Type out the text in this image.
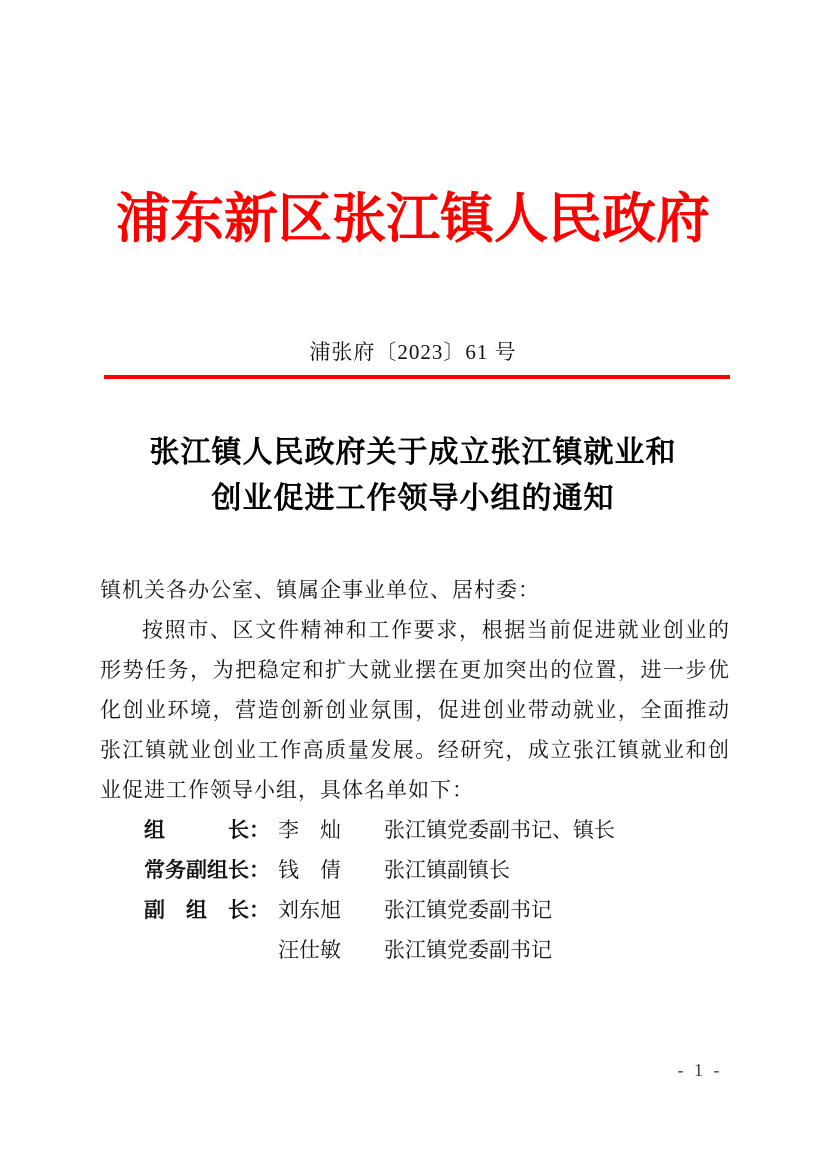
浦东新区张江镇人民政府
浦张府〔2023〕61 号
张江镇人民政府关于成立张江镇就业和
创业促进工作领导小组的通知
镇机关各办公室、镇属企事业单位、居村委：
按照市、区文件精神和工作要求，根据当前促进就业创业的形势任务，为把稳定和扩大就业摆在更加突出的位置，进一步优化创业环境，营造创新创业氛围，促进创业带动就业，全面推动张江镇就业创业工作高质量发展。经研究，成立张江镇就业和创业促进工作领导小组，具体名单如下：
组　　　长： 李　灿	张江镇党委副书记、镇长
常务副组长： 钱　倩	张江镇副镇长
副　组　长： 刘东旭	张江镇党委副书记
汪仕敏	张江镇党委副书记
- 1 -
